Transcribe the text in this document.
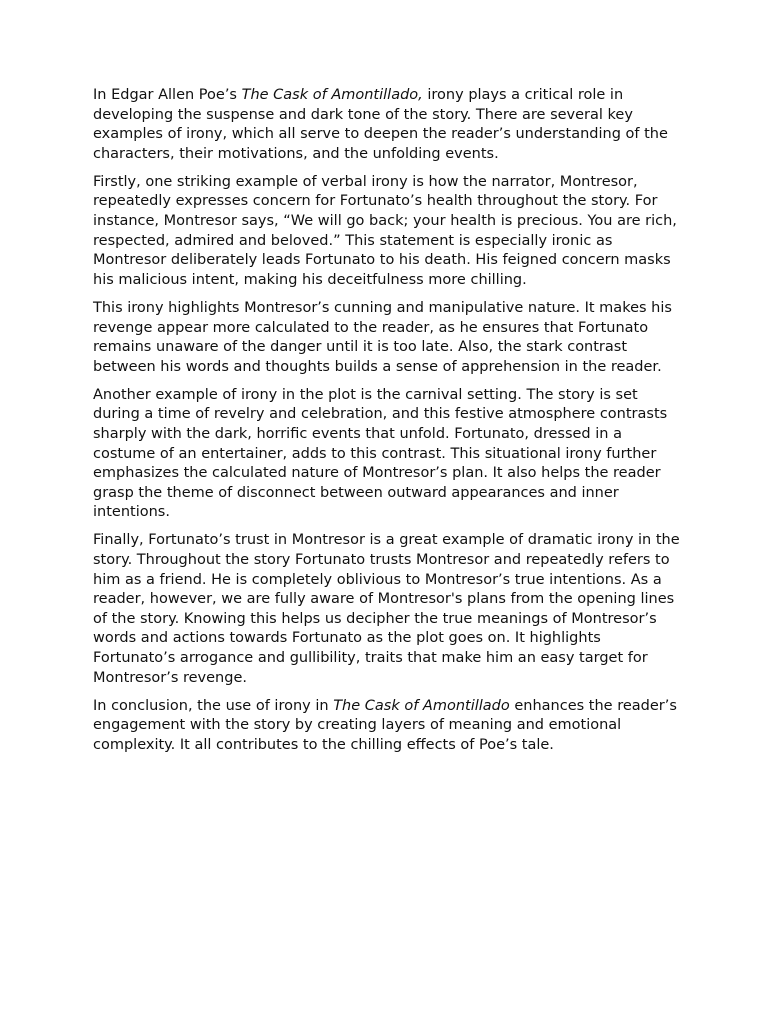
In Edgar Allen Poe’s The Cask of Amontillado, irony plays a critical role in developing the suspense and dark tone of the story. There are several key examples of irony, which all serve to deepen the reader’s understanding of the characters, their motivations, and the unfolding events.

Firstly, one striking example of verbal irony is how the narrator, Montresor, repeatedly expresses concern for Fortunato’s health throughout the story. For instance, Montresor says, “We will go back; your health is precious. You are rich, respected, admired and beloved.” This statement is especially ironic as Montresor deliberately leads Fortunato to his death. His feigned concern masks his malicious intent, making his deceitfulness more chilling.

This irony highlights Montresor’s cunning and manipulative nature. It makes his revenge appear more calculated to the reader, as he ensures that Fortunato remains unaware of the danger until it is too late. Also, the stark contrast between his words and thoughts builds a sense of apprehension in the reader.

Another example of irony in the plot is the carnival setting. The story is set during a time of revelry and celebration, and this festive atmosphere contrasts sharply with the dark, horrific events that unfold. Fortunato, dressed in a costume of an entertainer, adds to this contrast. This situational irony further emphasizes the calculated nature of Montresor’s plan. It also helps the reader grasp the theme of disconnect between outward appearances and inner intentions.

Finally, Fortunato’s trust in Montresor is a great example of dramatic irony in the story. Throughout the story Fortunato trusts Montresor and repeatedly refers to him as a friend. He is completely oblivious to Montresor’s true intentions. As a reader, however, we are fully aware of Montresor's plans from the opening lines of the story. Knowing this helps us decipher the true meanings of Montresor’s words and actions towards Fortunato as the plot goes on. It highlights Fortunato’s arrogance and gullibility, traits that make him an easy target for Montresor’s revenge.

In conclusion, the use of irony in The Cask of Amontillado enhances the reader’s engagement with the story by creating layers of meaning and emotional complexity. It all contributes to the chilling effects of Poe’s tale.
